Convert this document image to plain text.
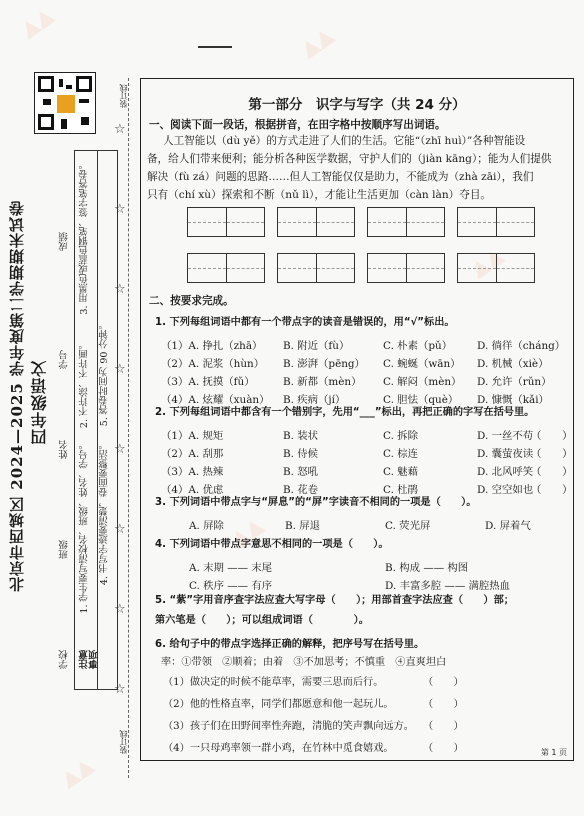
▲▲
▲▲
▲▲
▲▲
▲▲
北京市西城区 2024—2025 学年度第二学期期末试卷 四年级语文
学校
班级
姓名
学号
成绩
注意 事项
1. 学生要写清校名、班级、姓名、学号。
2. 不许涂、不许画。
3. 用黑色或蓝色钢笔、签字笔答卷。
4. 书写字迹要清楚，卷面要整洁。
5. 答卷时间为 90 分钟。
☆
☆
☆
☆
☆
☆
☆
☆
装订线
装订线
第一部分　识字与写字（共 24 分）
一、阅读下面一段话，根据拼音，在田字格中按顺序写出词语。
人工智能以（dù yě）的方式走进了人们的生活。它能“（zhī huì）”各种智能设
备，给人们带来便利；能分析各种医学数据，守护人们的（jiàn kāng）；能为人们提供
解决（fù zá）问题的思路……但人工智能仅仅是助力，不能成为（zhà zāi），我们
只有（chí xù）探索和不断（nǔ lì），才能让生活更加（càn làn）夺目。
二、按要求完成。
1. 下列每组词语中都有一个带点字的读音是错误的，用“√”标出。
（1）A. 挣扎（zhā） B. 附近（fù）	C. 朴素（pǔ） D. 徜徉（cháng）
（2）A. 泥浆（hùn） B. 澎湃（pēng） C. 蜿蜒（wān） D. 机械（xiè）
（3）A. 抚摸（fǔ）	B. 新都（mèn） C. 解闷（mèn） D. 允许（rǔn）
（4）A. 炫耀（xuàn） B. 疾病（jí）	C. 胆怯（què） D. 慷慨（kǎi）
2. 下列每组词语中都含有一个错别字，先用“___”标出，再把正确的字写在括号里。
（1）A. 规矩	B. 装状	C. 拆除	D. 一丝不苟
（　　）
（2）A. 刮那	B. 侍候	C. 棕连	D. 囊萤夜读
（　　）
（3）A. 热辣	B. 怒吼	C. 魅藉	D. 北风呼笑
（　　）
（4）A. 优虑	B. 花卷	C. 杜鹃	D. 空空如也
（　　）
3. 下列词语中带点字与“屏息”的“屏”字读音不相同的一项是（　　）。
A. 屏除	B. 屏退	C. 荧光屏	D. 屏着气
4. 下列词语中带点字意思不相同的一项是（　　）。
A. 末期 —— 末尾	B. 构成 —— 构图
C. 秩序 —— 有序	D. 丰富多腔 —— 满腔热血
5. “紫”字用音序查字法应查大写字母（　　）；用部首查字法应查（　　）部；
第六笔是（　　）；可以组成词语（　　　　）。
6. 给句子中的带点字选择正确的解释，把序号写在括号里。
率：①带领　②顺着；由着　③不加思考；不慎重　④直爽坦白
（1）做决定的时候不能草率，需要三思而后行。	（　　）
（2）他的性格直率，同学们都愿意和他一起玩儿。	（　　）
（3）孩子们在田野间率性奔跑，清脆的笑声飘向远方。 （　　）
（4）一只母鸡率领一群小鸡，在竹林中觅食嬉戏。	（　　）	第 1 页
